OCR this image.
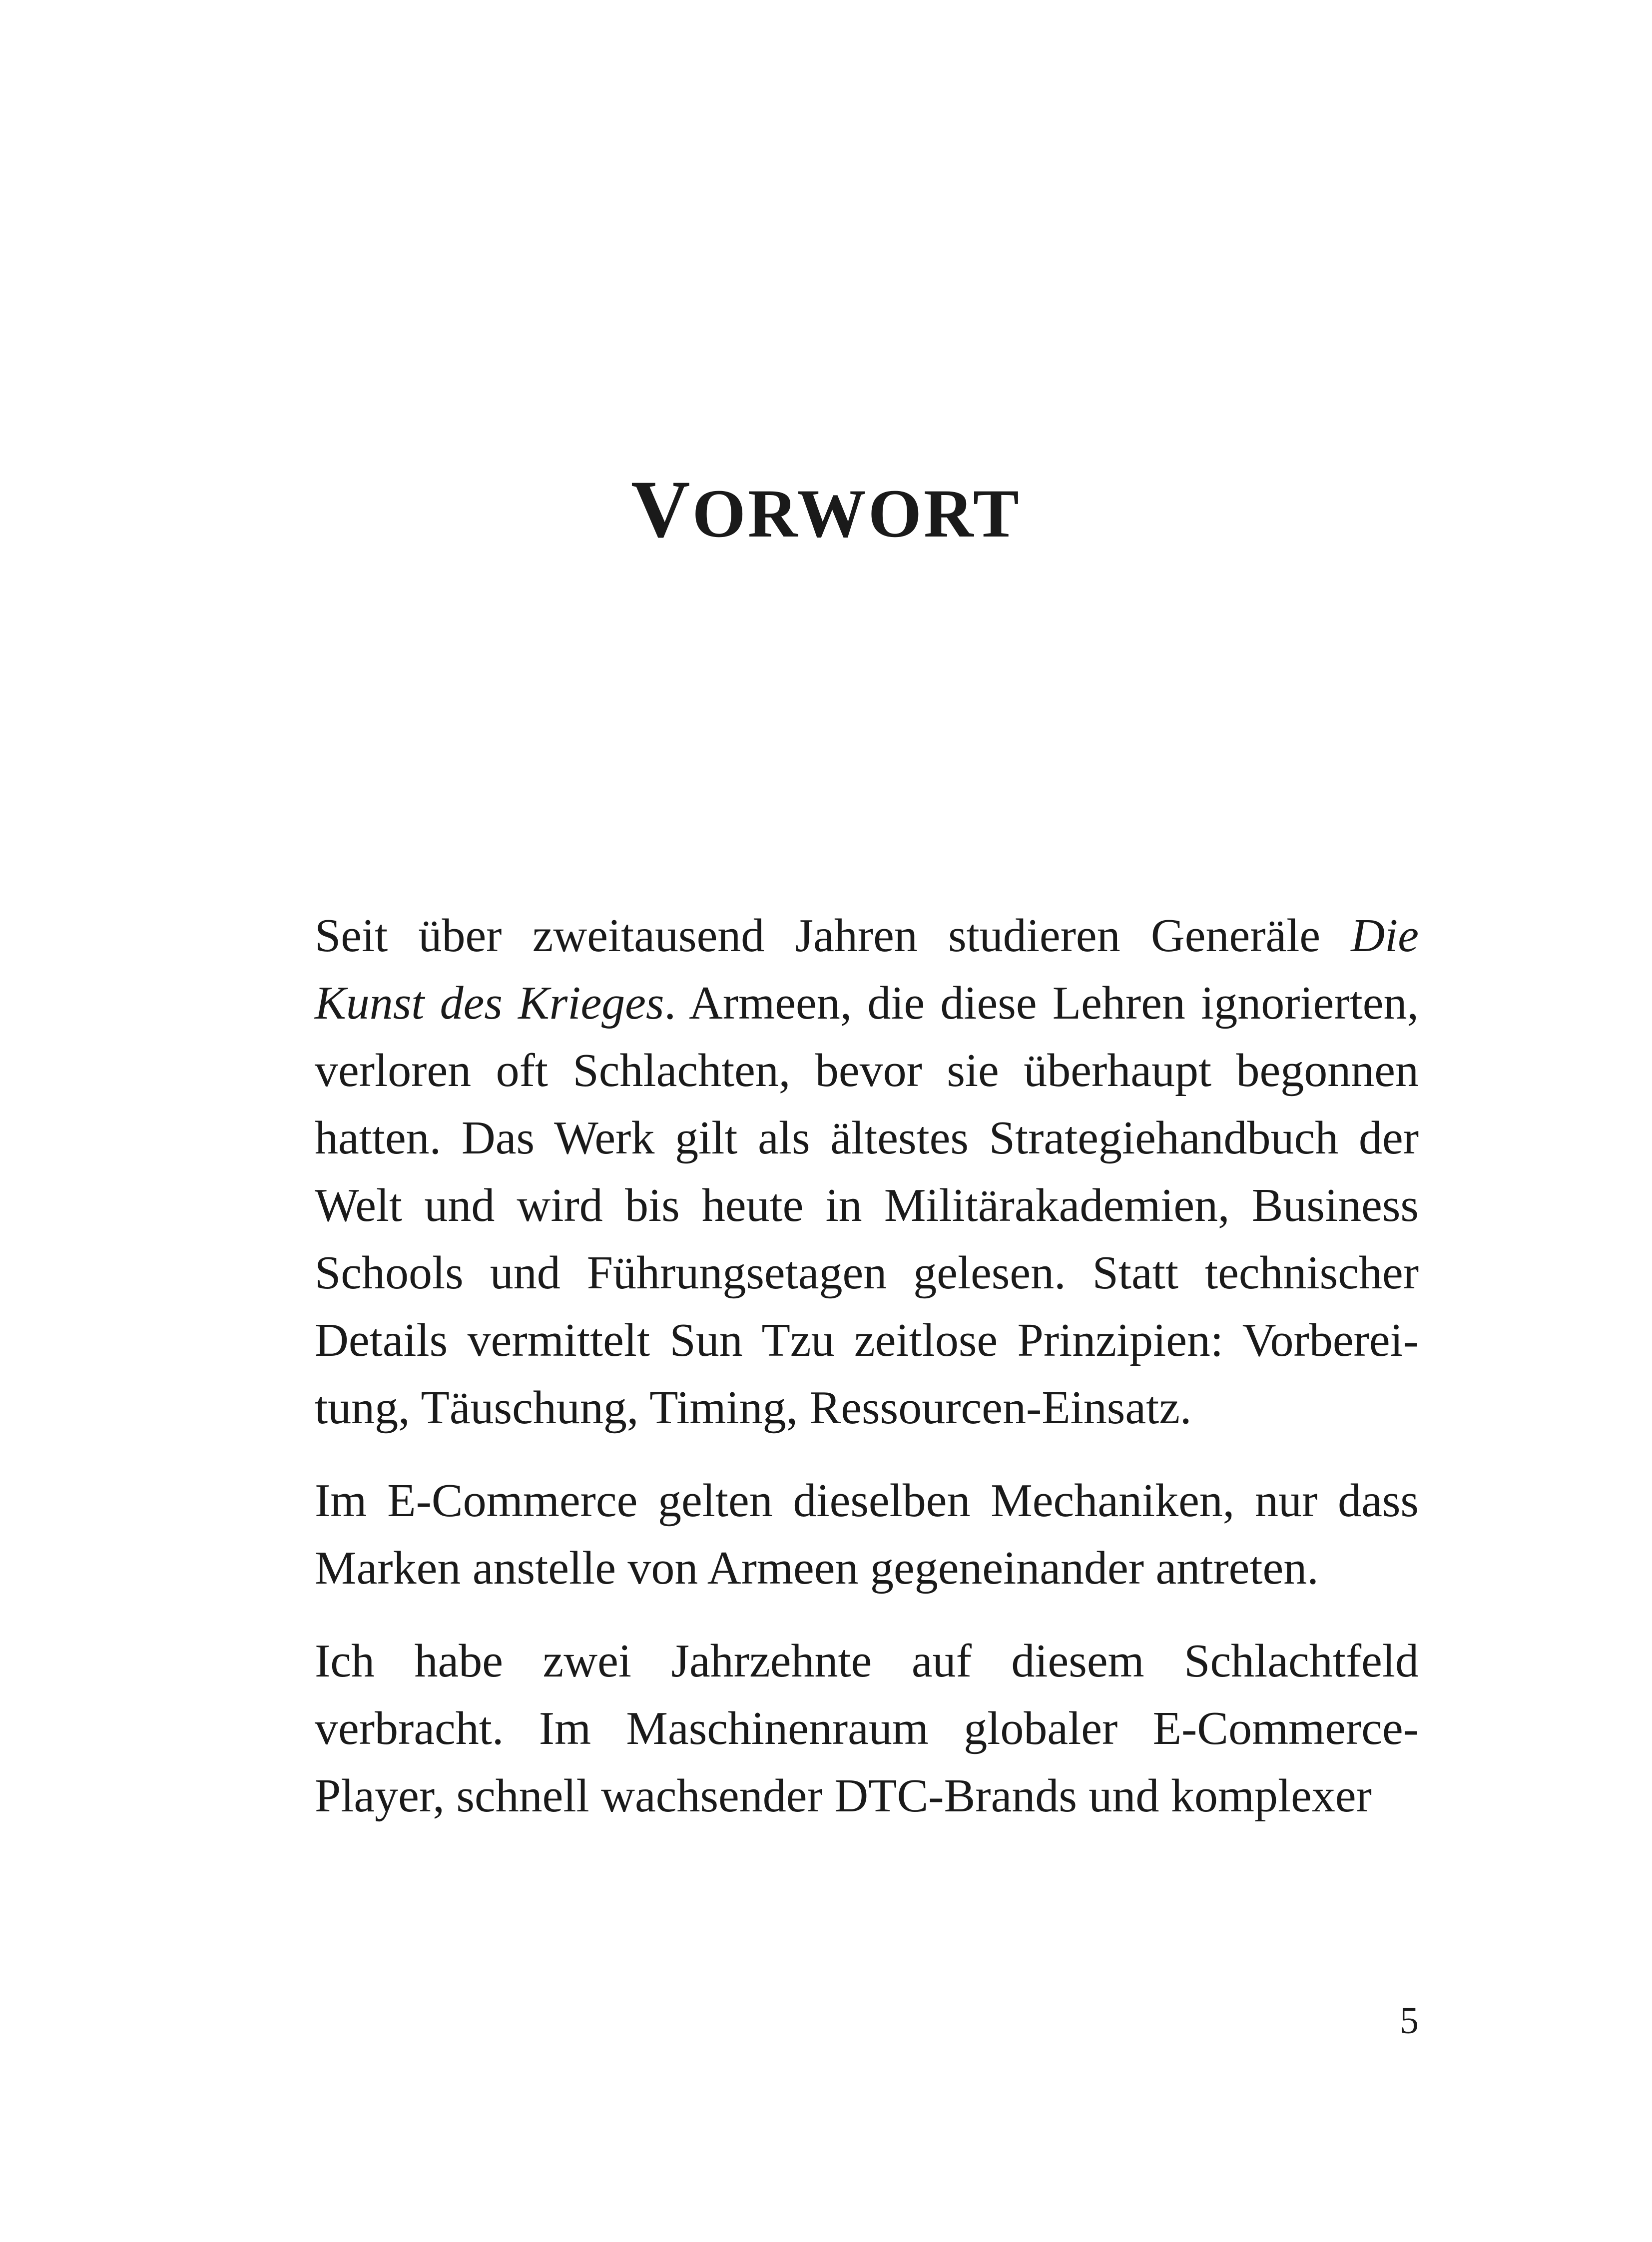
VORWORT

Seit über zweitausend Jahren studieren Generäle Die Kunst des Krieges. Armeen, die diese Lehren ignorierten, verloren oft Schlachten, bevor sie überhaupt begonnen hatten. Das Werk gilt als ältestes Strategiehandbuch der Welt und wird bis heute in Militärakademien, Business Schools und Führungsetagen gelesen. Statt technischer Details vermittelt Sun Tzu zeitlose Prinzipien: Vorbereitung, Täuschung, Timing, Ressourcen-Einsatz.

Im E-Commerce gelten dieselben Mechaniken, nur dass Marken anstelle von Armeen gegeneinander antreten.

Ich habe zwei Jahrzehnte auf diesem Schlachtfeld verbracht. Im Maschinenraum globaler E-Commerce-Player, schnell wachsender DTC-Brands und komplexer

5
